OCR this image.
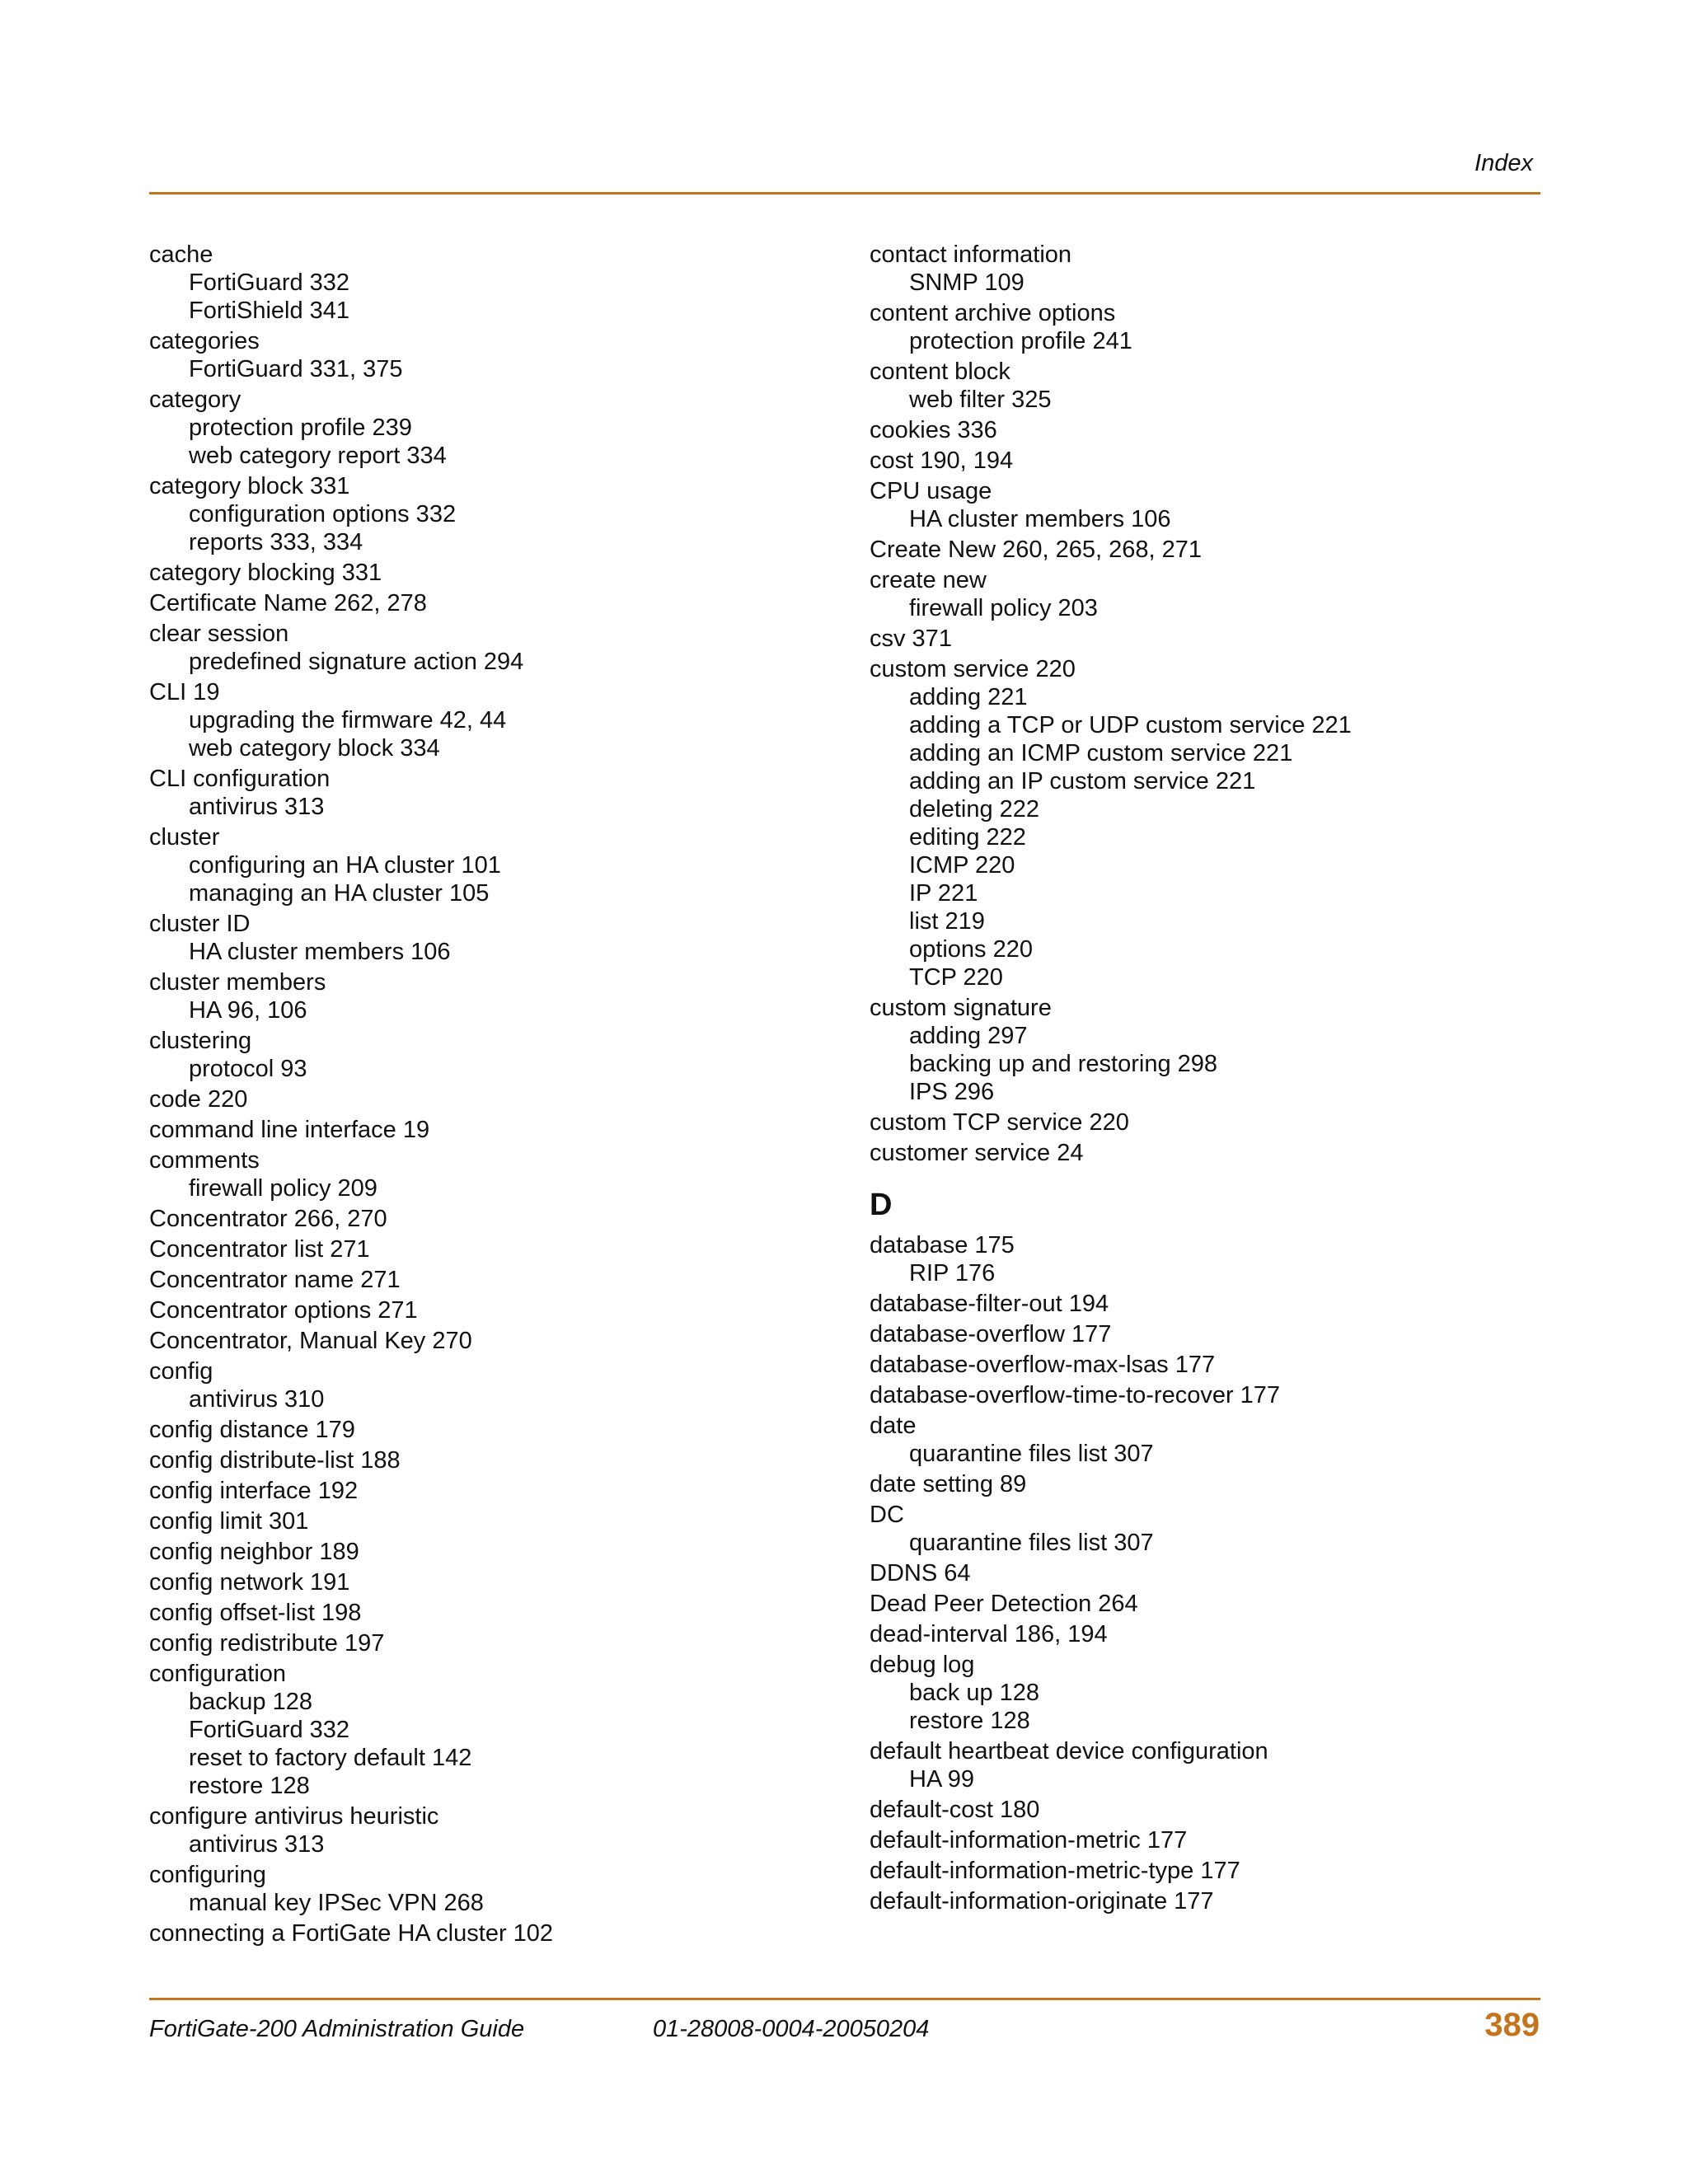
Index
cache
FortiGuard 332
FortiShield 341
categories
FortiGuard 331, 375
category
protection profile 239
web category report 334
category block 331
configuration options 332
reports 333, 334
category blocking 331
Certificate Name 262, 278
clear session
predefined signature action 294
CLI 19
upgrading the firmware 42, 44
web category block 334
CLI configuration
antivirus 313
cluster
configuring an HA cluster 101
managing an HA cluster 105
cluster ID
HA cluster members 106
cluster members
HA 96, 106
clustering
protocol 93
code 220
command line interface 19
comments
firewall policy 209
Concentrator 266, 270
Concentrator list 271
Concentrator name 271
Concentrator options 271
Concentrator, Manual Key 270
config
antivirus 310
config distance 179
config distribute-list 188
config interface 192
config limit 301
config neighbor 189
config network 191
config offset-list 198
config redistribute 197
configuration
backup 128
FortiGuard 332
reset to factory default 142
restore 128
configure antivirus heuristic
antivirus 313
configuring
manual key IPSec VPN 268
connecting a FortiGate HA cluster 102
contact information
SNMP 109
content archive options
protection profile 241
content block
web filter 325
cookies 336
cost 190, 194
CPU usage
HA cluster members 106
Create New 260, 265, 268, 271
create new
firewall policy 203
csv 371
custom service 220
adding 221
adding a TCP or UDP custom service 221
adding an ICMP custom service 221
adding an IP custom service 221
deleting 222
editing 222
ICMP 220
IP 221
list 219
options 220
TCP 220
custom signature
adding 297
backing up and restoring 298
IPS 296
custom TCP service 220
customer service 24
D
database 175
RIP 176
database-filter-out 194
database-overflow 177
database-overflow-max-lsas 177
database-overflow-time-to-recover 177
date
quarantine files list 307
date setting 89
DC
quarantine files list 307
DDNS 64
Dead Peer Detection 264
dead-interval 186, 194
debug log
back up 128
restore 128
default heartbeat device configuration
HA 99
default-cost 180
default-information-metric 177
default-information-metric-type 177
default-information-originate 177
FortiGate-200 Administration Guide	01-28008-0004-20050204	389
